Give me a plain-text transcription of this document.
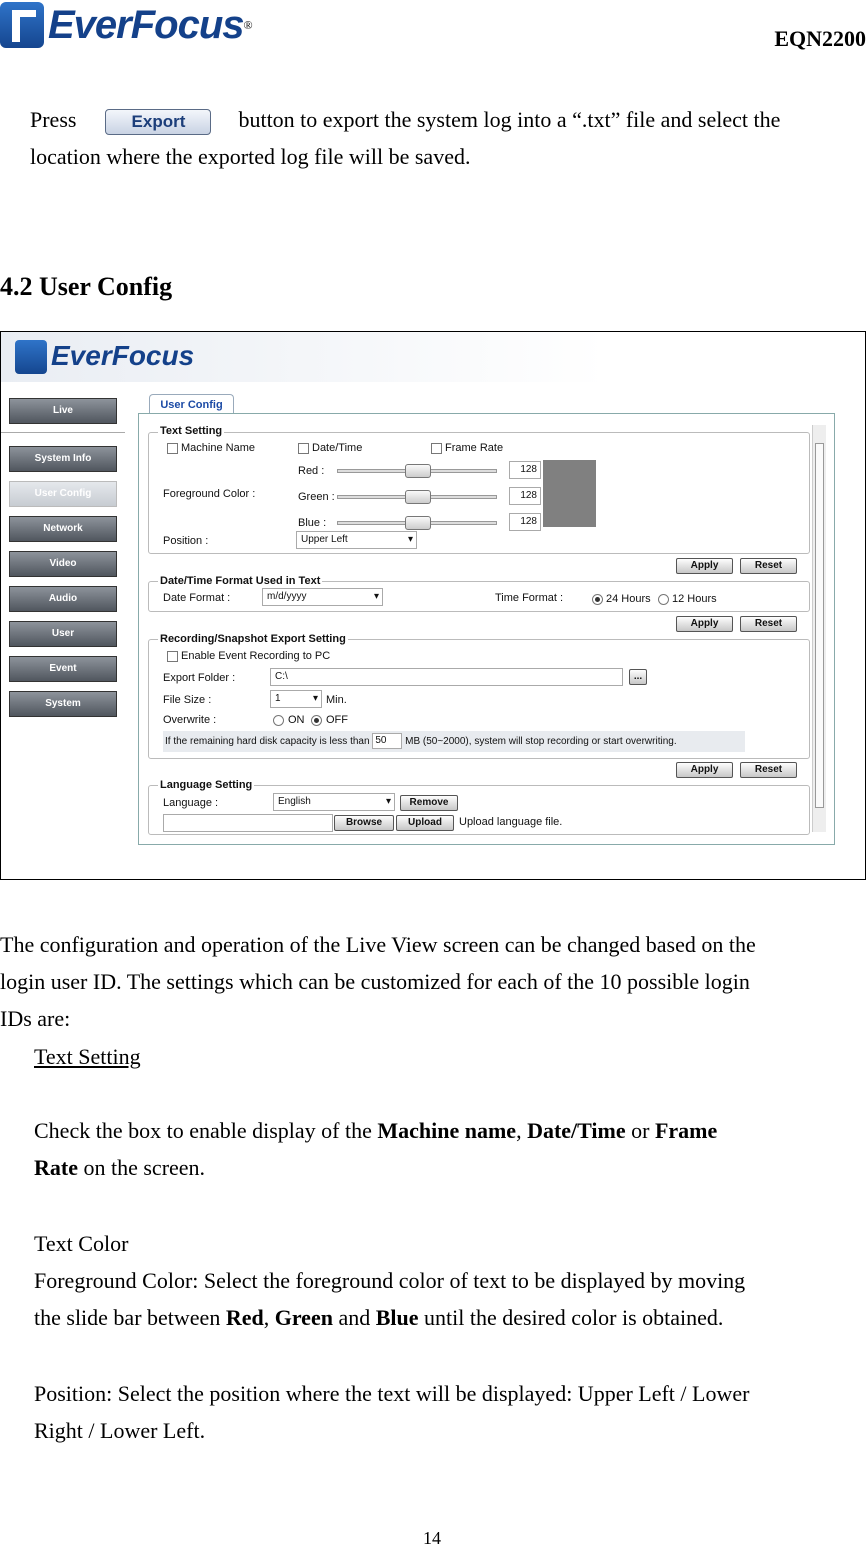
EverFocus ®
EQN2200
Press	Export button to export the system log into a “.txt” file and select the
location where the exported log file will be saved.
4.2 User Config
EverFocus
Live
System Info
User Config
Network
Video
Audio
User
Event
System
User Config
Text Setting
Machine Name	Date/Time	Frame Rate
Foreground Color :
Red :	128
Green :	128
Blue :	128
Position :	Upper Left ▾
Apply	Reset
Date/Time Format Used in Text
Date Format :	m/d/yyyy ▾	Time Format :	24 Hours 12 Hours
Apply	Reset
Recording/Snapshot Export Setting
Enable Event Recording to PC
Export Folder :	C:\	...
File Size :	1 ▾	Min.
Overwrite :	ON OFF
If the remaining hard disk capacity is less than 50 MB (50~2000), system will stop recording or start overwriting.
Apply	Reset
Language Setting
Language :	English ▾	Remove
Browse	Upload	Upload language file.
The configuration and operation of the Live View screen can be changed based on the
login user ID. The settings which can be customized for each of the 10 possible login
IDs are:
Text Setting
Check the box to enable display of the Machine name, Date/Time or Frame
Rate on the screen.
Text Color
Foreground Color: Select the foreground color of text to be displayed by moving
the slide bar between Red, Green and Blue until the desired color is obtained.
Position: Select the position where the text will be displayed: Upper Left / Lower
Right / Lower Left.
14
